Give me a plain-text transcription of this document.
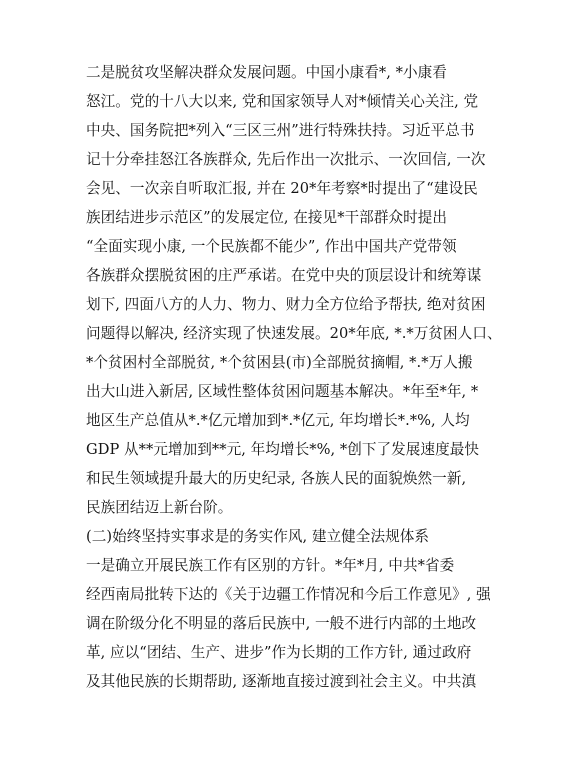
二是脱贫攻坚解决群众发展问题。中国小康看*, *小康看
怒江。党的十八大以来, 党和国家领导人对*倾情关心关注, 党
中央、国务院把*列入“三区三州”进行特殊扶持。习近平总书
记十分牵挂怒江各族群众, 先后作出一次批示、一次回信, 一次
会见、一次亲自听取汇报, 并在 20*年考察*时提出了“建设民
族团结进步示范区”的发展定位, 在接见*干部群众时提出
“全面实现小康, 一个民族都不能少”, 作出中国共产党带领
各族群众摆脱贫困的庄严承诺。在党中央的顶层设计和统筹谋
划下, 四面八方的人力、物力、财力全方位给予帮扶, 绝对贫困
问题得以解决, 经济实现了快速发展。20*年底, *.*万贫困人口、
*个贫困村全部脱贫, *个贫困县(市)全部脱贫摘帽, *.*万人搬
出大山进入新居, 区域性整体贫困问题基本解决。*年至*年, *
地区生产总值从*.*亿元增加到*.*亿元, 年均增长*.*%, 人均
GDP 从**元增加到**元, 年均增长*%, *创下了发展速度最快
和民生领域提升最大的历史纪录, 各族人民的面貌焕然一新,
民族团结迈上新台阶。
(二)始终坚持实事求是的务实作风, 建立健全法规体系
一是确立开展民族工作有区别的方针。*年*月, 中共*省委
经西南局批转下达的《关于边疆工作情况和今后工作意见》, 强
调在阶级分化不明显的落后民族中, 一般不进行内部的土地改
革, 应以“团结、生产、进步”作为长期的工作方针, 通过政府
及其他民族的长期帮助, 逐渐地直接过渡到社会主义。中共滇
